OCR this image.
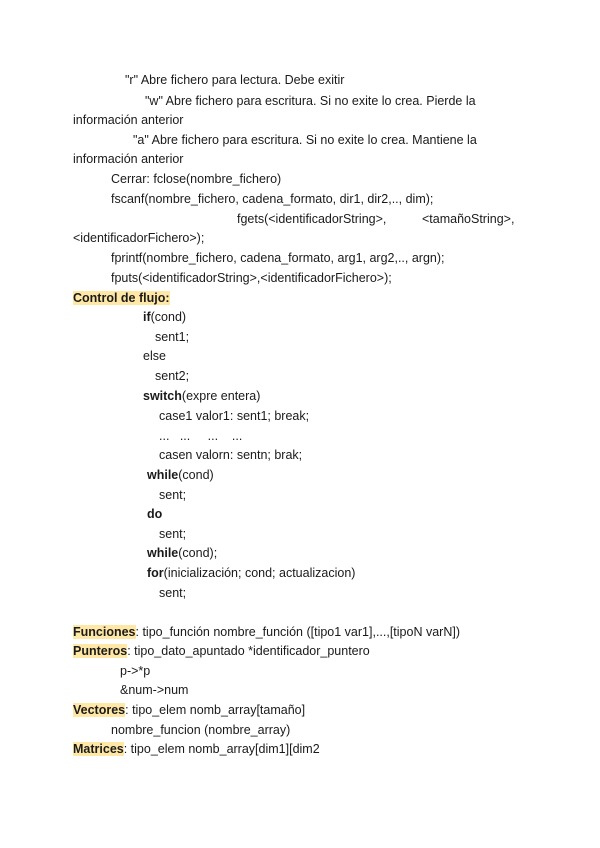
"r" Abre fichero para lectura. Debe exitir
"w" Abre fichero para escritura. Si no exite lo crea. Pierde la
información anterior
"a" Abre fichero para escritura. Si no exite lo crea. Mantiene la
información anterior
Cerrar: fclose(nombre_fichero)
fscanf(nombre_fichero, cadena_formato, dir1, dir2,.., dim);
fgets(<identificadorString>,	<tamañoString>,
<identificadorFichero>);
fprintf(nombre_fichero, cadena_formato, arg1, arg2,.., argn);
fputs(<identificadorString>,<identificadorFichero>);
Control de flujo:
if(cond)
sent1;
else
sent2;
switch(expre entera)
case1 valor1: sent1; break;
...   ...     ...    ...
casen valorn: sentn; brak;
while(cond)
sent;
do
sent;
while(cond);
for(inicialización; cond; actualizacion)
sent;
Funciones: tipo_función nombre_función ([tipo1 var1],...,[tipoN varN])
Punteros: tipo_dato_apuntado *identificador_puntero
p->*p
&num->num
Vectores: tipo_elem nomb_array[tamaño]
nombre_funcion (nombre_array)
Matrices: tipo_elem nomb_array[dim1][dim2
